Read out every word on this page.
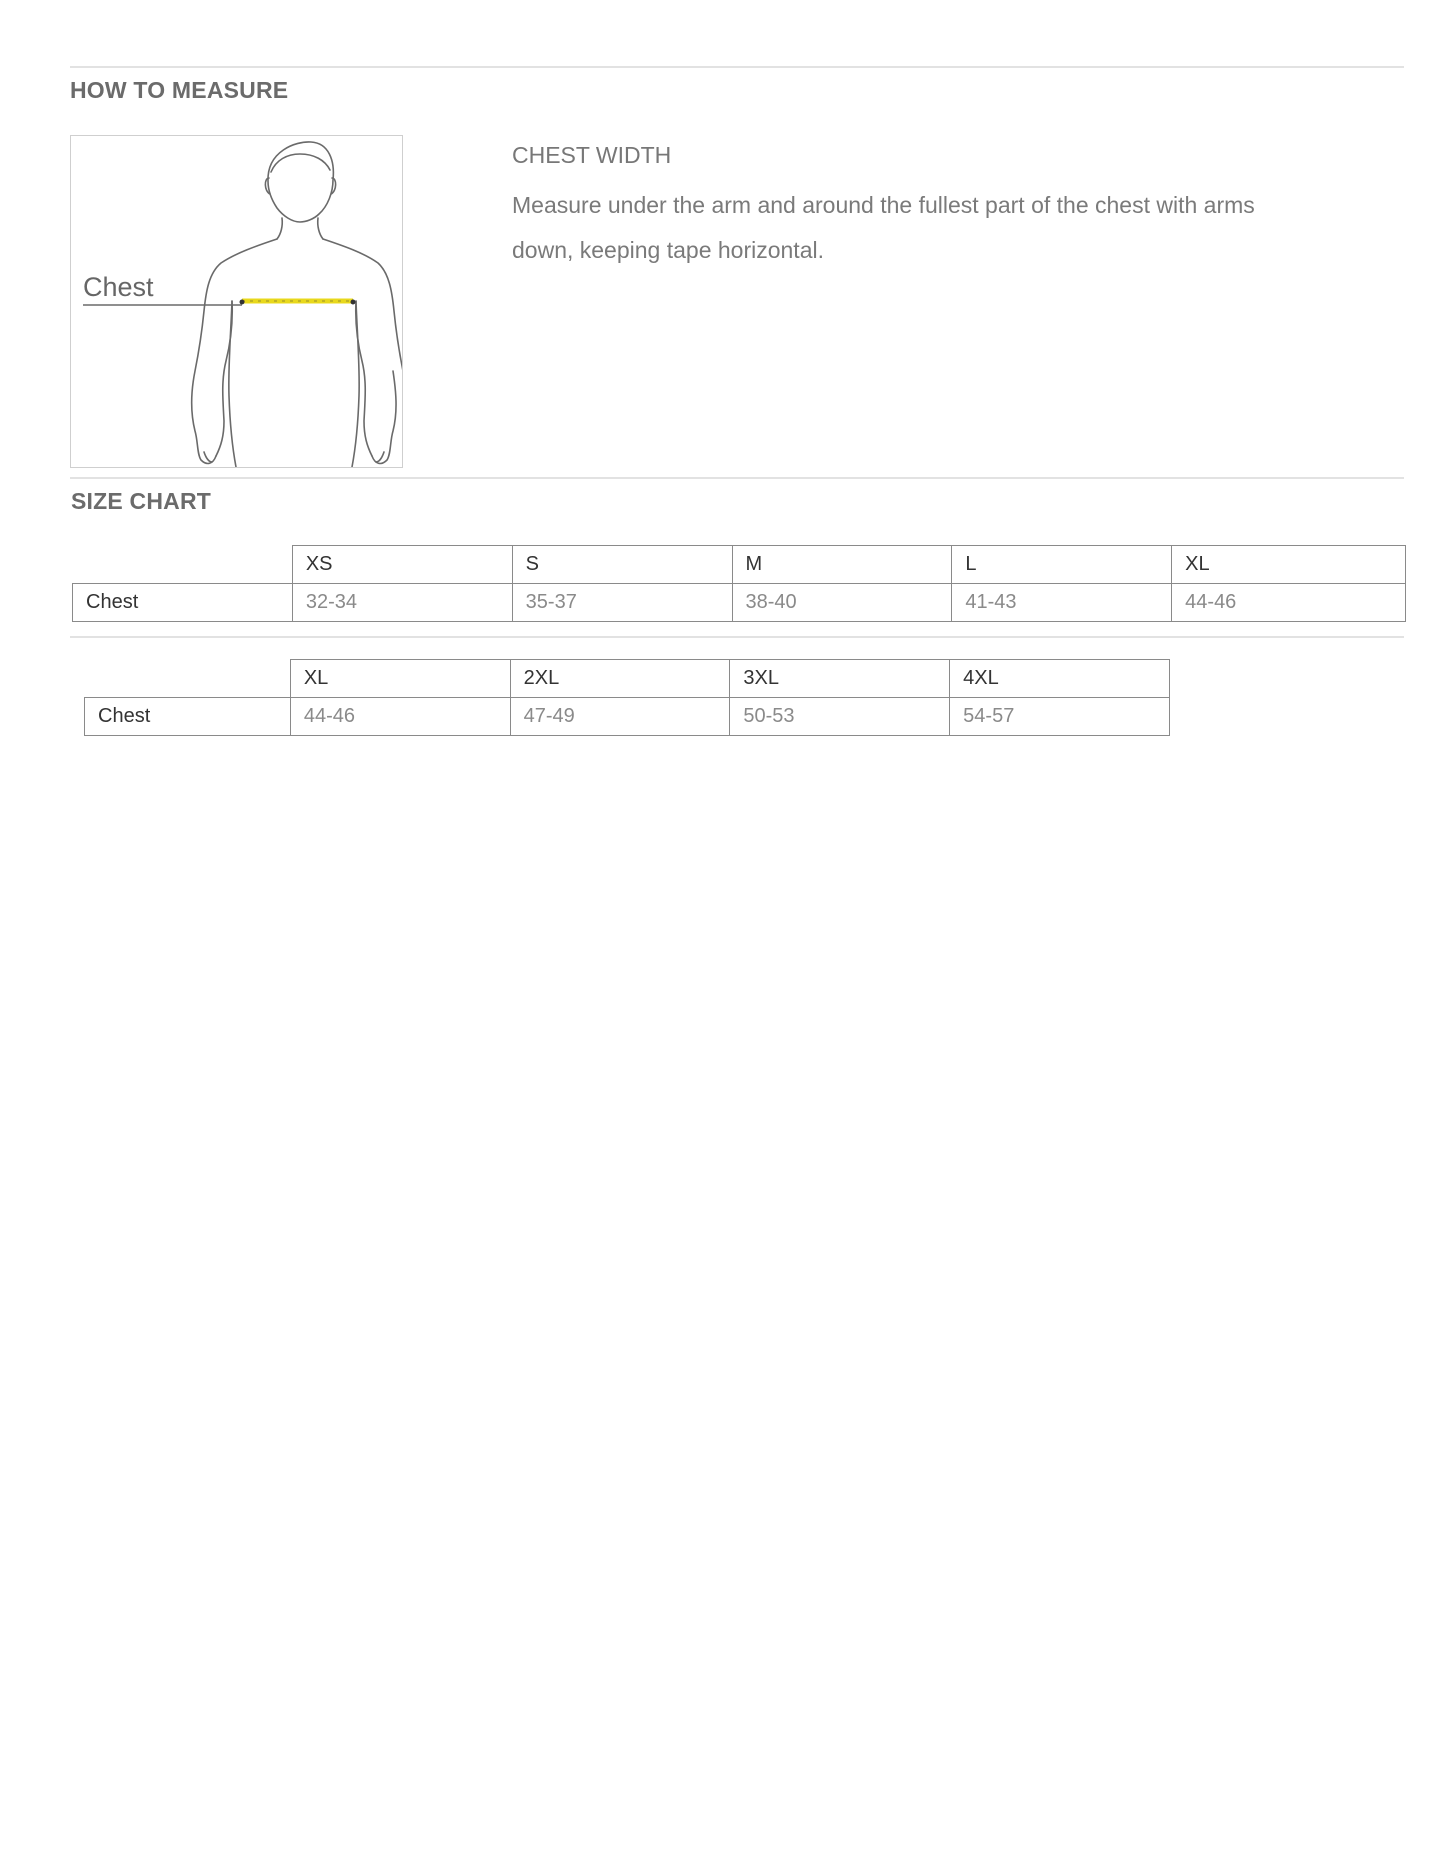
HOW TO MEASURE
Chest
CHEST WIDTH
Measure under the arm and around the fullest part of the chest with arms down, keeping tape horizontal.
SIZE CHART
	XS	S	M	L	XL
Chest	32-34	35-37	38-40	41-43	44-46
	XL	2XL	3XL	4XL
Chest	44-46	47-49	50-53	54-57
